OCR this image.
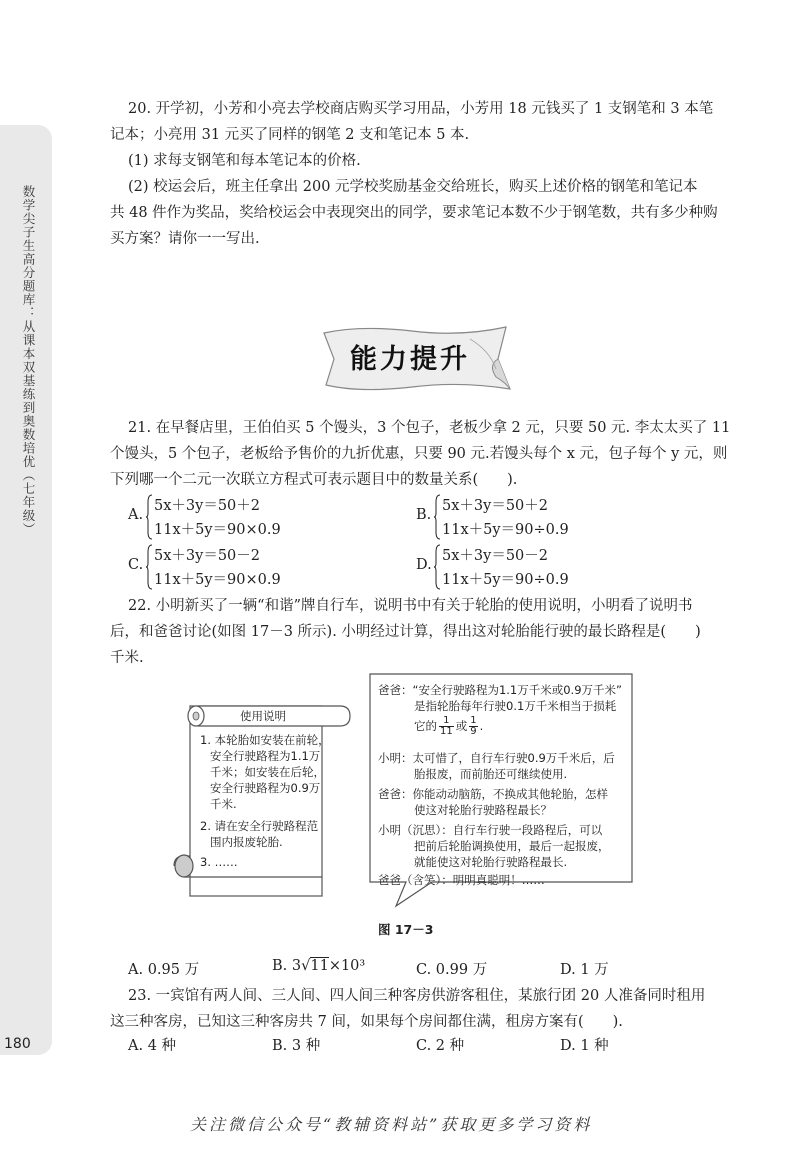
数学尖子生高分题库：从课本双基练到奥数培优（七年级）
180

20. 开学初，小芳和小亮去学校商店购买学习用品，小芳用 18 元钱买了 1 支钢笔和 3 本笔

记本；小亮用 31 元买了同样的钢笔 2 支和笔记本 5 本.

(1) 求每支钢笔和每本笔记本的价格.

(2) 校运会后，班主任拿出 200 元学校奖励基金交给班长，购买上述价格的钢笔和笔记本

共 48 件作为奖品，奖给校运会中表现突出的同学，要求笔记本数不少于钢笔数，共有多少种购

买方案？请你一一写出.

能力提升

21. 在早餐店里，王伯伯买 5 个馒头，3 个包子，老板少拿 2 元，只要 50 元. 李太太买了 11

个馒头，5 个包子，老板给予售价的九折优惠，只要 90 元.若馒头每个 x 元，包子每个 y 元，则

下列哪一个二元一次联立方程式可表示题目中的数量关系(　　).

A.
5x＋3y＝50＋2
11x＋5y＝90×0.9
B.
5x＋3y＝50＋2
11x＋5y＝90÷0.9
C.
5x＋3y＝50－2
11x＋5y＝90×0.9
D.
5x＋3y＝50－2
11x＋5y＝90÷0.9

22. 小明新买了一辆“和谐”牌自行车，说明书中有关于轮胎的使用说明，小明看了说明书

后，和爸爸讨论(如图 17－3 所示). 小明经过计算，得出这对轮胎能行驶的最长路程是(　　)

千米.

使用说明
1. 本轮胎如安装在前轮，
安全行驶路程为1.1万
千米；如安装在后轮，
安全行驶路程为0.9万
千米.
2. 请在安全行驶路程范
围内报废轮胎.
3. ……
爸爸：“安全行驶路程为1.1万千米或0.9万千米”
是指轮胎每年行驶0.1万千米相当于损耗
它的 $\frac{1}{11}$ 或 $\frac{1}{9}$ .
小明：太可惜了，自行车行驶0.9万千米后，后
胎报废，而前胎还可继续使用.
爸爸：你能动动脑筋，不换成其他轮胎，怎样
使这对轮胎行驶路程最长？
小明（沉思）：自行车行驶一段路程后，可以
把前后轮胎调换使用，最后一起报废，
就能使这对轮胎行驶路程最长.
爸爸（含笑）：明明真聪明！……
图 17－3
A. 0.95 万	B. 3√11×10³	C. 0.99 万	D. 1 万

23. 一宾馆有两人间、三人间、四人间三种客房供游客租住，某旅行团 20 人准备同时租用

这三种客房，已知这三种客房共 7 间，如果每个房间都住满，租房方案有(　　).

A. 4 种	B. 3 种	C. 2 种	D. 1 种
关注微信公众号“教辅资料站”获取更多学习资料
